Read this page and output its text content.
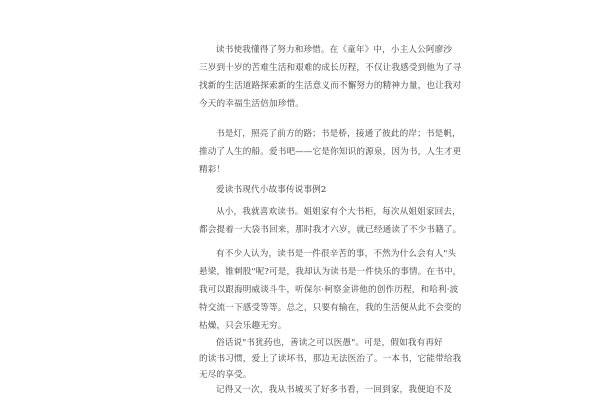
读书使我懂得了努力和珍惜。在《童年》中，小主人公阿廖沙
三岁到十岁的苦难生活和艰难的成长历程，不仅让我感受到他为了寻
找新的生活道路探索新的生活意义而不懈努力的精神力量，也让我对
今天的幸福生活倍加珍惜。
书是灯，照亮了前方的路；书是桥，接通了彼此的岸；书是帆，
推动了人生的船。爱书吧——它是你知识的源泉，因为书，人生才更
精彩！
爱读书现代小故事传说事例2
从小，我就喜欢读书。姐姐家有个大书柜，每次从姐姐家回去，
都会提着一大袋书回来，那时我才六岁，就已经通读了不少书籍了。
有不少人认为，读书是一件很辛苦的事，不然为什么会有人"头
悬梁，锥刺股"呢?可是，我却认为读书是一件快乐的事情。在书中，
我可以跟海明威谈斗牛，听保尔·柯察金讲他的创作历程，和哈利·波
特交流一下感受等等。总之，只要有输在，我的生活便从此不会变的
枯燥，只会乐趣无穷。
俗话说"书犹药也，善读之可以医愚"。可是，假如我有再好
的读书习惯，爱上了读坏书，那边无法医治了。一本书，它能带给我
无尽的享受。
记得又一次，我从书城买了好多书看，一回到家，我便迫不及
